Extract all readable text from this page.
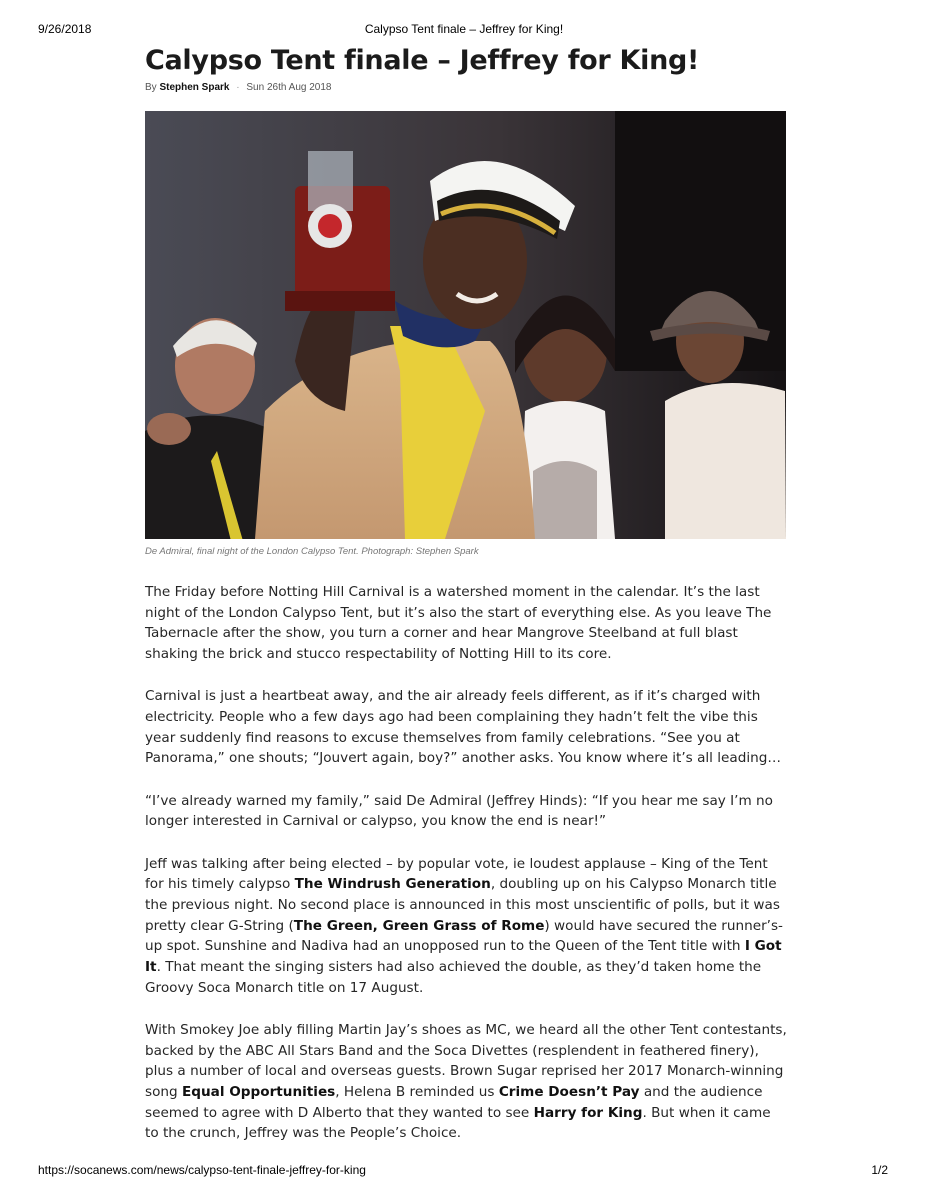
9/26/2018	Calypso Tent finale – Jeffrey for King!
Calypso Tent finale – Jeffrey for King!
By Stephen Spark · Sun 26th Aug 2018
De Admiral, final night of the London Calypso Tent. Photograph: Stephen Spark

The Friday before Notting Hill Carnival is a watershed moment in the calendar. It’s the last night of the London Calypso Tent, but it’s also the start of everything else. As you leave The Tabernacle after the show, you turn a corner and hear Mangrove Steelband at full blast shaking the brick and stucco respectability of Notting Hill to its core.

Carnival is just a heartbeat away, and the air already feels different, as if it’s charged with electricity. People who a few days ago had been complaining they hadn’t felt the vibe this year suddenly find reasons to excuse themselves from family celebrations. “See you at Panorama,” one shouts; “Jouvert again, boy?” another asks. You know where it’s all leading…

“I’ve already warned my family,” said De Admiral (Jeffrey Hinds): “If you hear me say I’m no longer interested in Carnival or calypso, you know the end is near!”

Jeff was talking after being elected – by popular vote, ie loudest applause – King of the Tent for his timely calypso The Windrush Generation, doubling up on his Calypso Monarch title the previous night. No second place is announced in this most unscientific of polls, but it was pretty clear G-String (The Green, Green Grass of Rome) would have secured the runner’s-up spot. Sunshine and Nadiva had an unopposed run to the Queen of the Tent title with I Got It. That meant the singing sisters had also achieved the double, as they’d taken home the Groovy Soca Monarch title on 17 August.

With Smokey Joe ably filling Martin Jay’s shoes as MC, we heard all the other Tent contestants, backed by the ABC All Stars Band and the Soca Divettes (resplendent in feathered finery), plus a number of local and overseas guests. Brown Sugar reprised her 2017 Monarch-winning song Equal Opportunities, Helena B reminded us Crime Doesn’t Pay and the audience seemed to agree with D Alberto that they wanted to see Harry for King. But when it came to the crunch, Jeffrey was the People’s Choice.

https://socanews.com/news/calypso-tent-finale-jeffrey-for-king	1/2
